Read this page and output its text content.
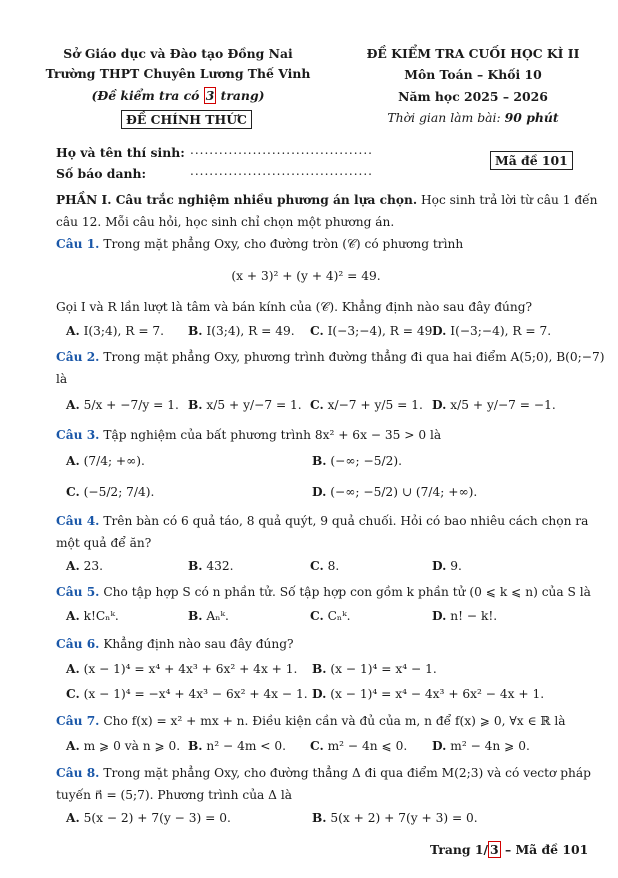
Sở Giáo dục và Đào tạo Đồng Nai
Trường THPT Chuyên Lương Thế Vinh
(Đề kiểm tra có 3 trang)
ĐỀ CHÍNH THỨC
ĐỀ KIỂM TRA CUỐI HỌC KÌ II
Môn Toán – Khối 10
Năm học 2025 – 2026
Thời gian làm bài: 90 phút
Họ và tên thí sinh: ......................................
Số báo danh:	......................................
Mã đề 101
PHẦN I. Câu trắc nghiệm nhiều phương án lựa chọn. Học sinh trả lời từ câu 1 đến
câu 12. Mỗi câu hỏi, học sinh chỉ chọn một phương án.
Câu 1. Trong mặt phẳng Oxy, cho đường tròn (𝒞) có phương trình
(x + 3)² + (y + 4)² = 49.
Gọi I và R lần lượt là tâm và bán kính của (𝒞). Khẳng định nào sau đây đúng?
A. I(3;4), R = 7. B. I(3;4), R = 49. C. I(−3;−4), R = 49.
D. I(−3;−4), R = 7.
Câu 2. Trong mặt phẳng Oxy, phương trình đường thẳng đi qua hai điểm A(5;0), B(0;−7)
là
A. 5/x + −7/y = 1. B. x/5 + y/−7 = 1. C. x/−7 + y/5 = 1. D. x/5 + y/−7 = −1.
Câu 3. Tập nghiệm của bất phương trình 8x² + 6x − 35 > 0 là
A. (7/4; +∞).	B. (−∞; −5/2).
C. (−5/2; 7/4).	D. (−∞; −5/2) ∪ (7/4; +∞).
Câu 4. Trên bàn có 6 quả táo, 8 quả quýt, 9 quả chuối. Hỏi có bao nhiêu cách chọn ra
một quả để ăn?
A. 23.	B. 432.	C. 8.	D. 9.
Câu 5. Cho tập hợp S có n phần tử. Số tập hợp con gồm k phần tử (0 ⩽ k ⩽ n) của S là
A. k!Cₙᵏ.	B. Aₙᵏ.	C. Cₙᵏ.	D. n! − k!.
Câu 6. Khẳng định nào sau đây đúng?
A. (x − 1)⁴ = x⁴ + 4x³ + 6x² + 4x + 1. B. (x − 1)⁴ = x⁴ − 1.
C. (x − 1)⁴ = −x⁴ + 4x³ − 6x² + 4x − 1. D. (x − 1)⁴ = x⁴ − 4x³ + 6x² − 4x + 1.
Câu 7. Cho f(x) = x² + mx + n. Điều kiện cần và đủ của m, n để f(x) ⩾ 0, ∀x ∈ ℝ là
A. m ⩾ 0 và n ⩾ 0. B. n² − 4m < 0. C. m² − 4n ⩽ 0. D. m² − 4n ⩾ 0.
Câu 8. Trong mặt phẳng Oxy, cho đường thẳng Δ đi qua điểm M(2;3) và có vectơ pháp
tuyến n⃗ = (5;7). Phương trình của Δ là
A. 5(x − 2) + 7(y − 3) = 0.	B. 5(x + 2) + 7(y + 3) = 0.
Trang 1/ 3 – Mã đề 101
